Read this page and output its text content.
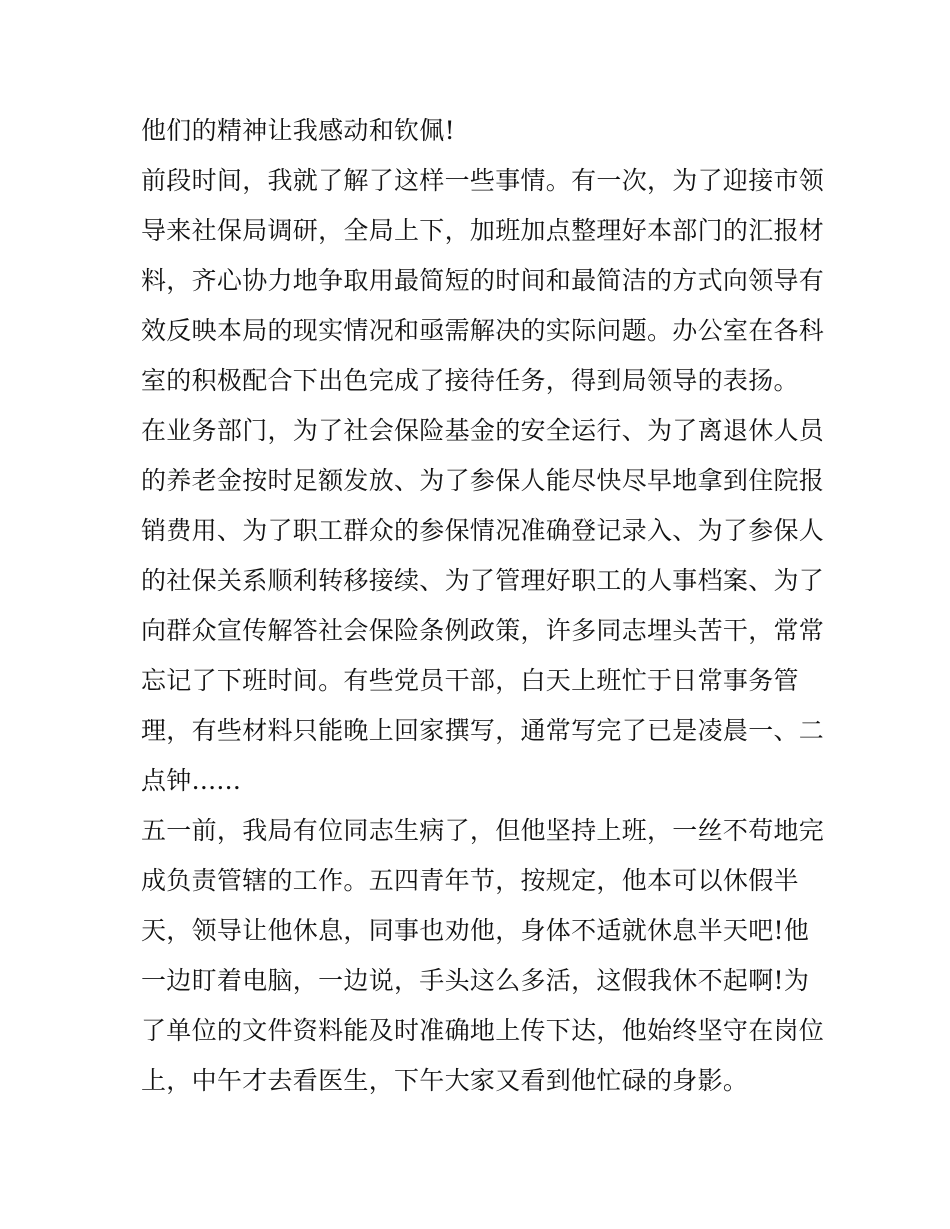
他们的精神让我感动和钦佩!
前段时间，我就了解了这样一些事情。有一次，为了迎接市领
导来社保局调研，全局上下，加班加点整理好本部门的汇报材
料，齐心协力地争取用最简短的时间和最简洁的方式向领导有
效反映本局的现实情况和亟需解决的实际问题。办公室在各科
室的积极配合下出色完成了接待任务，得到局领导的表扬。
在业务部门，为了社会保险基金的安全运行、为了离退休人员
的养老金按时足额发放、为了参保人能尽快尽早地拿到住院报
销费用、为了职工群众的参保情况准确登记录入、为了参保人
的社保关系顺利转移接续、为了管理好职工的人事档案、为了
向群众宣传解答社会保险条例政策，许多同志埋头苦干，常常
忘记了下班时间。有些党员干部，白天上班忙于日常事务管
理，有些材料只能晚上回家撰写，通常写完了已是凌晨一、二
点钟......
五一前，我局有位同志生病了，但他坚持上班，一丝不苟地完
成负责管辖的工作。五四青年节，按规定，他本可以休假半
天，领导让他休息，同事也劝他，身体不适就休息半天吧!他
一边盯着电脑，一边说，手头这么多活，这假我休不起啊!为
了单位的文件资料能及时准确地上传下达，他始终坚守在岗位
上，中午才去看医生，下午大家又看到他忙碌的身影。
